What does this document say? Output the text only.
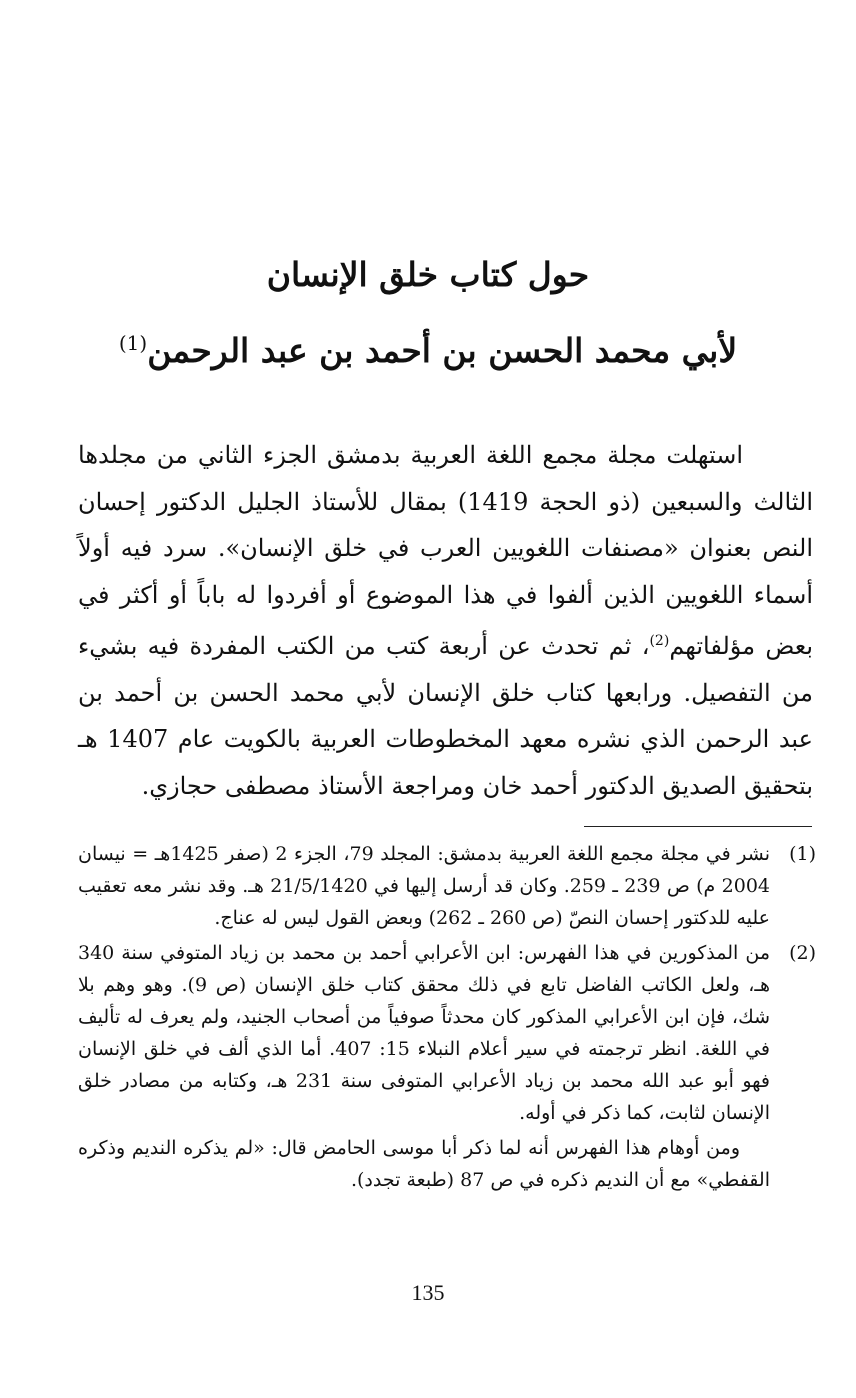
حول كتاب خلق الإنسان
لأبي محمد الحسن بن أحمد بن عبد الرحمن$^{(1)}$

استهلت مجلة مجمع اللغة العربية بدمشق الجزء الثاني من مجلدها الثالث والسبعين (ذو الحجة 1419) بمقال للأستاذ الجليل الدكتور إحسان النص بعنوان «مصنفات اللغويين العرب في خلق الإنسان». سرد فيه أولاً أسماء اللغويين الذين ألفوا في هذا الموضوع أو أفردوا له باباً أو أكثر في بعض مؤلفاتهم$^{(2)}$، ثم تحدث عن أربعة كتب من الكتب المفردة فيه بشيء من التفصيل. ورابعها كتاب خلق الإنسان لأبي محمد الحسن بن أحمد بن عبد الرحمن الذي نشره معهد المخطوطات العربية بالكويت عام 1407 هـ بتحقيق الصديق الدكتور أحمد خان ومراجعة الأستاذ مصطفى حجازي.

(1)
نشر في مجلة مجمع اللغة العربية بدمشق: المجلد 79، الجزء 2 (صفر 1425هـ = نيسان 2004 م) ص 239 ـ 259. وكان قد أرسل إليها في 21/5/1420 هـ. وقد نشر معه تعقيب عليه للدكتور إحسان النصّ (ص 260 ـ 262) وبعض القول ليس له عناج.
(2)
من المذكورين في هذا الفهرس: ابن الأعرابي أحمد بن محمد بن زياد المتوفي سنة 340 هـ، ولعل الكاتب الفاضل تابع في ذلك محقق كتاب خلق الإنسان (ص 9). وهو وهم بلا شك، فإن ابن الأعرابي المذكور كان محدثاً صوفياً من أصحاب الجنيد، ولم يعرف له تأليف في اللغة. انظر ترجمته في سير أعلام النبلاء 15: 407. أما الذي ألف في خلق الإنسان فهو أبو عبد الله محمد بن زياد الأعرابي المتوفى سنة 231 هـ، وكتابه من مصادر خلق الإنسان لثابت، كما ذكر في أوله.

ومن أوهام هذا الفهرس أنه لما ذكر أبا موسى الحامض قال: «لم يذكره النديم وذكره القفطي» مع أن النديم ذكره في ص 87 (طبعة تجدد).

135
